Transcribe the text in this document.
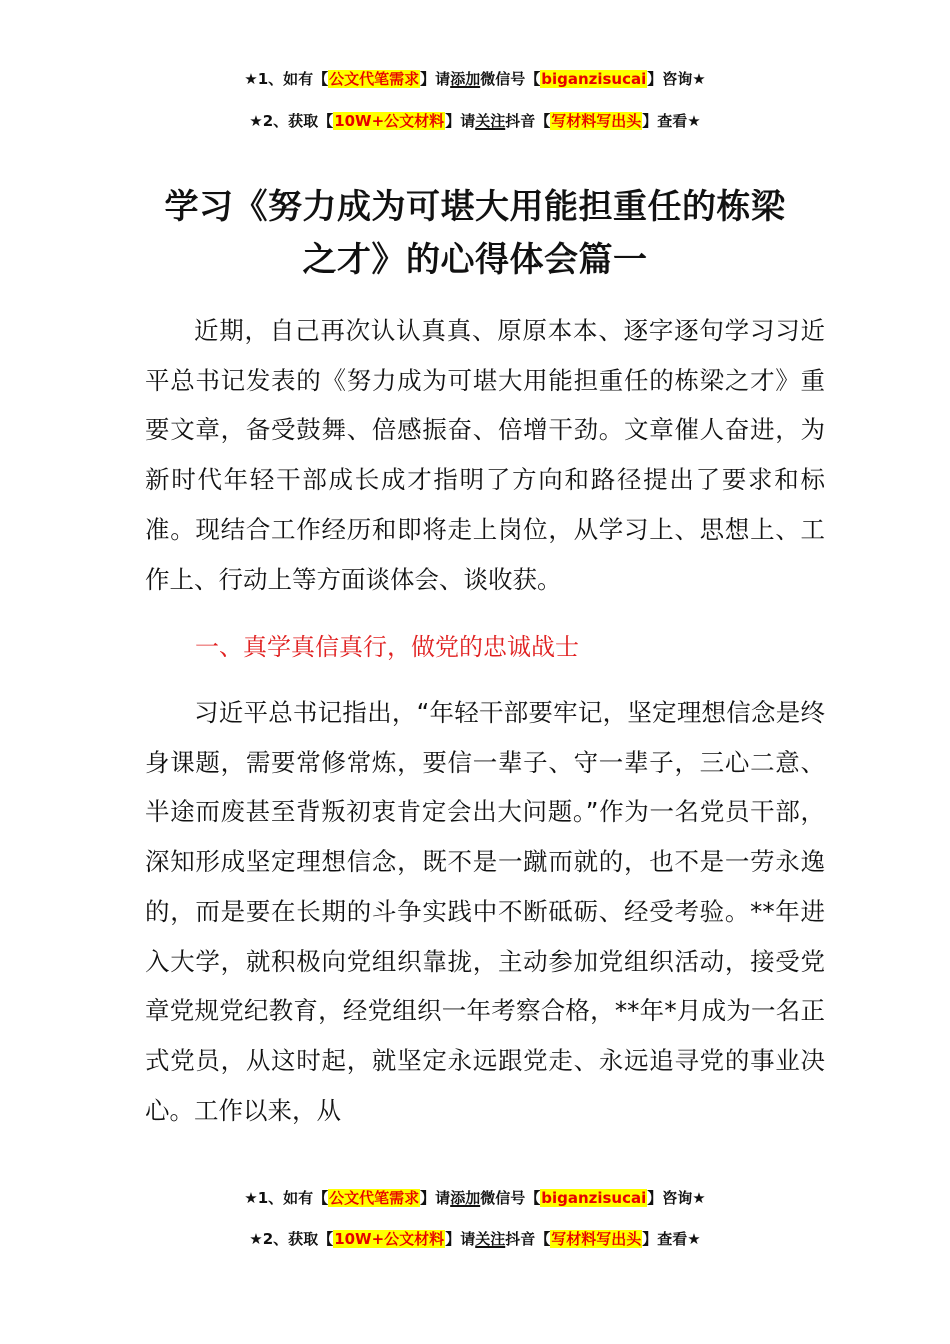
★1、如有【公文代笔需求】请添加微信号【biganzisucai】咨询★
★2、获取【10W+公文材料】请关注抖音【写材料写出头】查看★
学习《努力成为可堪大用能担重任的栋梁
之才》的心得体会篇一

近期，自己再次认认真真、原原本本、逐字逐句学习习近平总书记发表的《努力成为可堪大用能担重任的栋梁之才》重要文章，备受鼓舞、倍感振奋、倍增干劲。文章催人奋进，为新时代年轻干部成长成才指明了方向和路径提出了要求和标准。现结合工作经历和即将走上岗位，从学习上、思想上、工作上、行动上等方面谈体会、谈收获。

一、真学真信真行，做党的忠诚战士

习近平总书记指出，“年轻干部要牢记，坚定理想信念是终身课题，需要常修常炼，要信一辈子、守一辈子，三心二意、半途而废甚至背叛初衷肯定会出大问题。”作为一名党员干部，深知形成坚定理想信念，既不是一蹴而就的，也不是一劳永逸的，而是要在长期的斗争实践中不断砥砺、经受考验。**年进入大学，就积极向党组织靠拢，主动参加党组织活动，接受党章党规党纪教育，经党组织一年考察合格，**年*月成为一名正式党员，从这时起，就坚定永远跟党走、永远追寻党的事业决心。工作以来，从

★1、如有【公文代笔需求】请添加微信号【biganzisucai】咨询★
★2、获取【10W+公文材料】请关注抖音【写材料写出头】查看★
